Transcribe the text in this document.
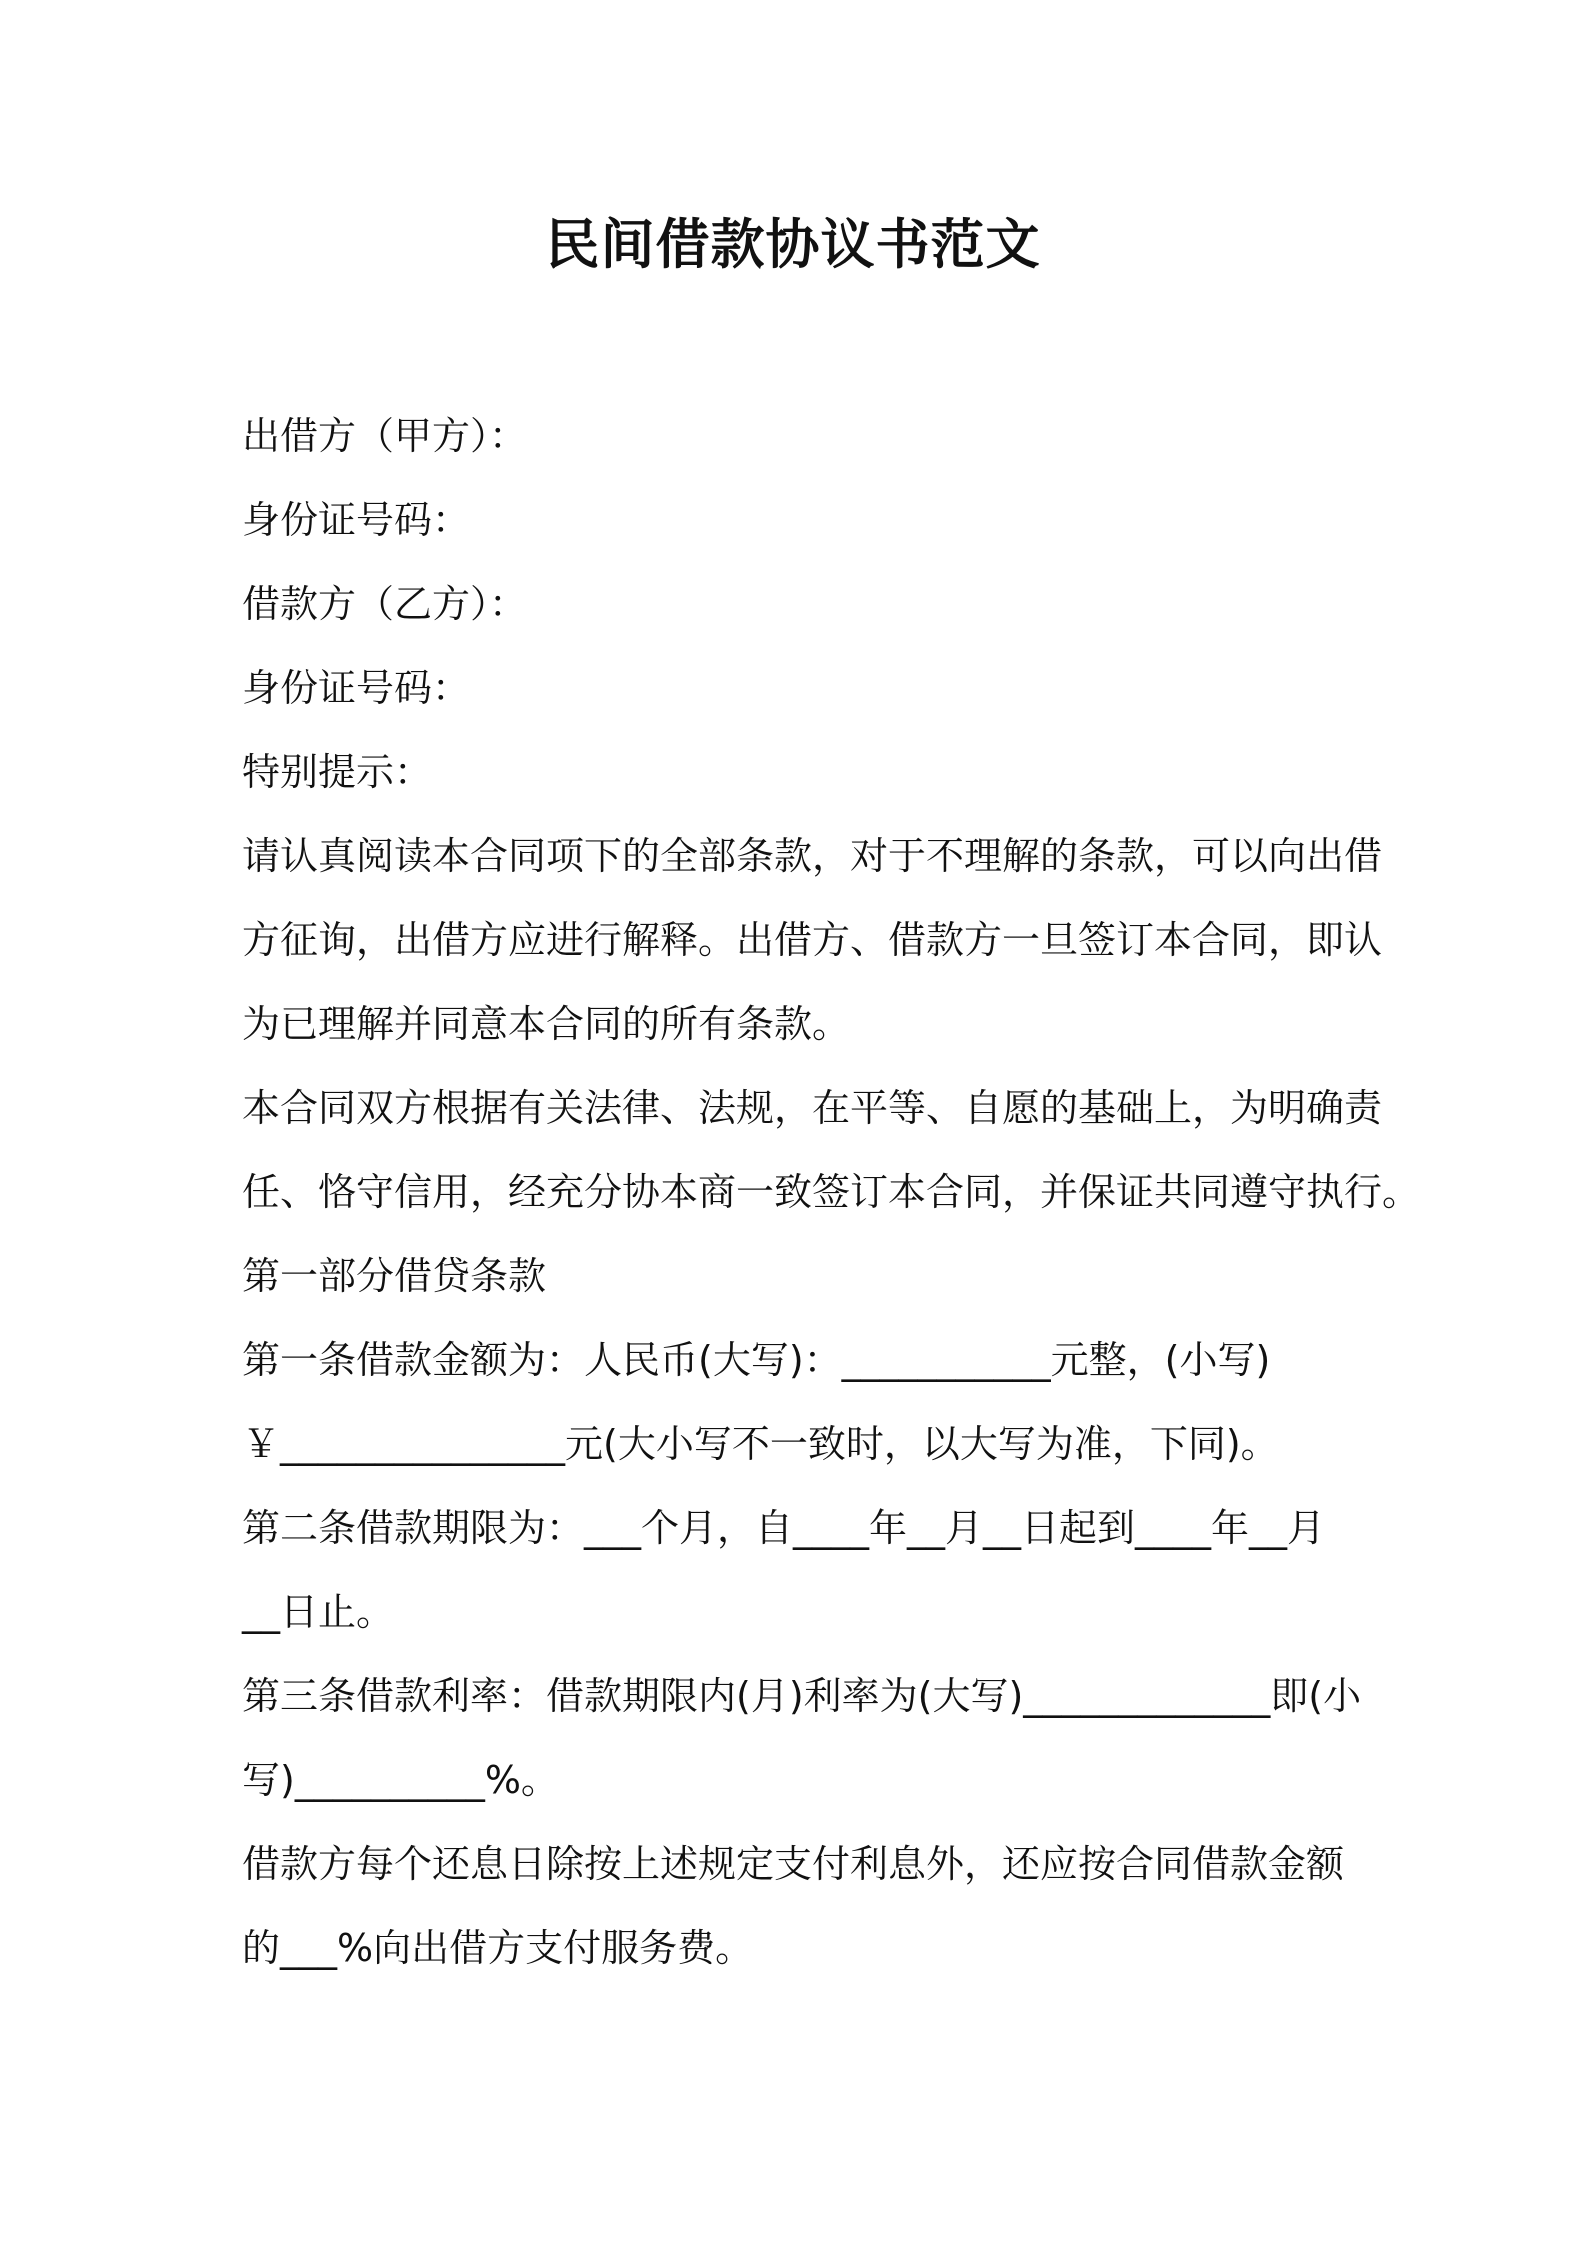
民间借款协议书范文

出借方（甲方）：

身份证号码：

借款方（乙方）：

身份证号码：

特别提示：

请认真阅读本合同项下的全部条款，对于不理解的条款，可以向出借

方征询，出借方应进行解释。出借方、借款方一旦签订本合同，即认

为已理解并同意本合同的所有条款。

本合同双方根据有关法律、法规，在平等、自愿的基础上，为明确责

任、恪守信用，经充分协本商一致签订本合同，并保证共同遵守执行。

第一部分借贷条款

第一条借款金额为：人民币(大写)：___________元整，(小写)

￥_______________元(大小写不一致时，以大写为准，下同)。

第二条借款期限为：___个月，自____年__月__日起到____年__月

__日止。

第三条借款利率：借款期限内(月)利率为(大写)_____________即(小

写)__________%。

借款方每个还息日除按上述规定支付利息外，还应按合同借款金额

的___%向出借方支付服务费。
